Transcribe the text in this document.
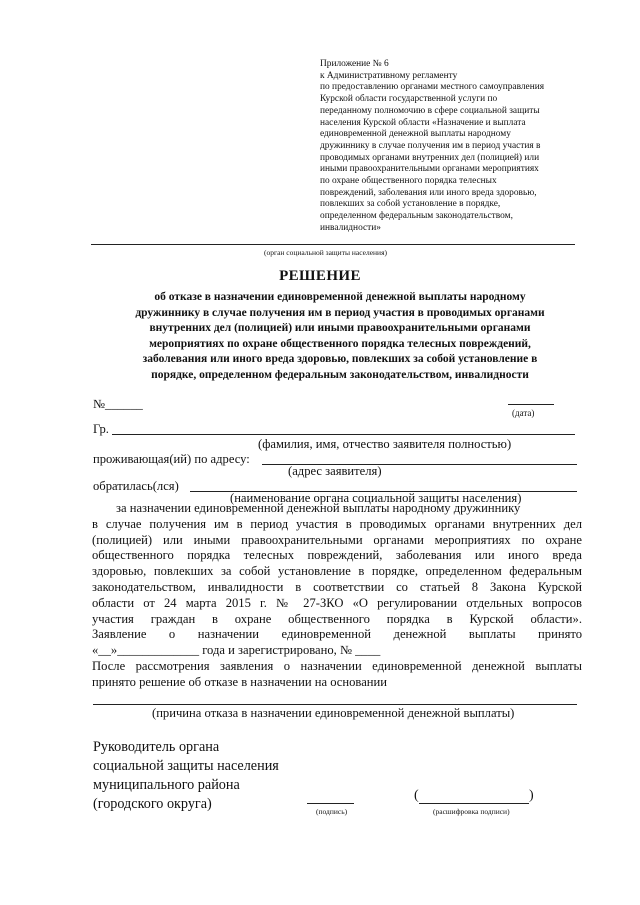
Приложение № 6
к Административному регламенту
по предоставлению органами местного самоуправления
Курской области государственной услуги по
переданному полномочию в сфере социальной защиты
населения Курской области «Назначение и выплата
единовременной денежной выплаты народному
дружиннику в случае получения им в период участия в
проводимых органами внутренних дел (полицией) или
иными правоохранительными органами мероприятиях
по охране общественного порядка телесных
повреждений, заболевания или иного вреда здоровью,
повлекших за собой установление в порядке,
определенном федеральным законодательством,
инвалидности»
(орган социальной защиты населения)
РЕШЕНИЕ
об отказе в назначении единовременной денежной выплаты народному
дружиннику в случае получения им в период участия в проводимых органами
внутренних дел (полицией) или иными правоохранительными органами
мероприятиях по охране общественного порядка телесных повреждений,
заболевания или иного вреда здоровью, повлекших за собой установление в
порядке, определенном федеральным законодательством, инвалидности
№______
(дата)
Гр.
(фамилия, имя, отчество заявителя полностью)
проживающая(ий) по адресу:
(адрес заявителя)
обратилась(лся)
(наименование органа социальной защиты населения)
за назначении единовременной денежной выплаты народному дружиннику
в случае получения им в период участия в проводимых органами внутренних дел
(полицией) или иными правоохранительными органами мероприятиях по охране
общественного порядка телесных повреждений, заболевания или иного вреда
здоровью, повлекших за собой установление в порядке, определенном федеральным
законодательством, инвалидности в соответствии со статьей 8 Закона Курской
области от 24 марта 2015 г. № 27-ЗКО «О регулировании отдельных вопросов
участия граждан в охране общественного порядка в Курской области».
Заявление о назначении единовременной денежной выплаты принято
«__»_____________ года и зарегистрировано, № ____
После рассмотрения заявления о назначении единовременной денежной выплаты
принято решение об отказе в назначении на основании
(причина отказа в назначении единовременной денежной выплаты)
Руководитель органа
социальной защиты населения
муниципального района
(городского округа)	(подпись)
(	)
(расшифровка подписи)
